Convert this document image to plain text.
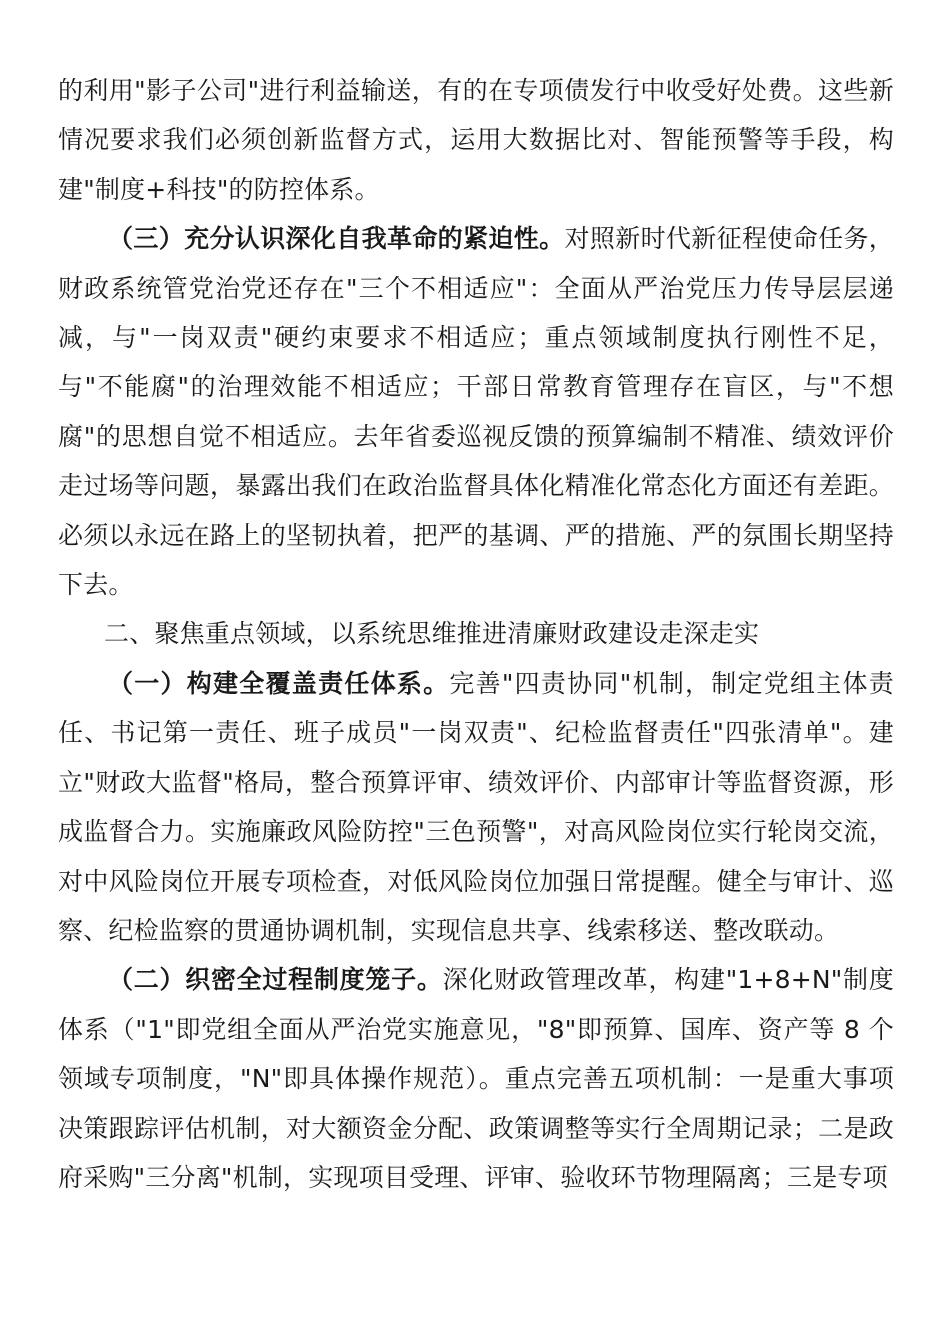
的利用"影子公司"进行利益输送，有的在专项债发行中收受好处费。这些新情况要求我们必须创新监督方式，运用大数据比对、智能预警等手段，构建"制度+科技"的防控体系。

（三）充分认识深化自我革命的紧迫性。对照新时代新征程使命任务，财政系统管党治党还存在"三个不相适应"：全面从严治党压力传导层层递减，与"一岗双责"硬约束要求不相适应；重点领域制度执行刚性不足，与"不能腐"的治理效能不相适应；干部日常教育管理存在盲区，与"不想腐"的思想自觉不相适应。去年省委巡视反馈的预算编制不精准、绩效评价走过场等问题，暴露出我们在政治监督具体化精准化常态化方面还有差距。必须以永远在路上的坚韧执着，把严的基调、严的措施、严的氛围长期坚持下去。

二、聚焦重点领域，以系统思维推进清廉财政建设走深走实

（一）构建全覆盖责任体系。完善"四责协同"机制，制定党组主体责任、书记第一责任、班子成员"一岗双责"、纪检监督责任"四张清单"。建立"财政大监督"格局，整合预算评审、绩效评价、内部审计等监督资源，形成监督合力。实施廉政风险防控"三色预警"，对高风险岗位实行轮岗交流，对中风险岗位开展专项检查，对低风险岗位加强日常提醒。健全与审计、巡察、纪检监察的贯通协调机制，实现信息共享、线索移送、整改联动。

（二）织密全过程制度笼子。深化财政管理改革，构建"1+8+N"制度体系（"1"即党组全面从严治党实施意见，"8"即预算、国库、资产等 8 个领域专项制度，"N"即具体操作规范）。重点完善五项机制：一是重大事项决策跟踪评估机制，对大额资金分配、政策调整等实行全周期记录；二是政府采购"三分离"机制，实现项目受理、评审、验收环节物理隔离；三是专项
